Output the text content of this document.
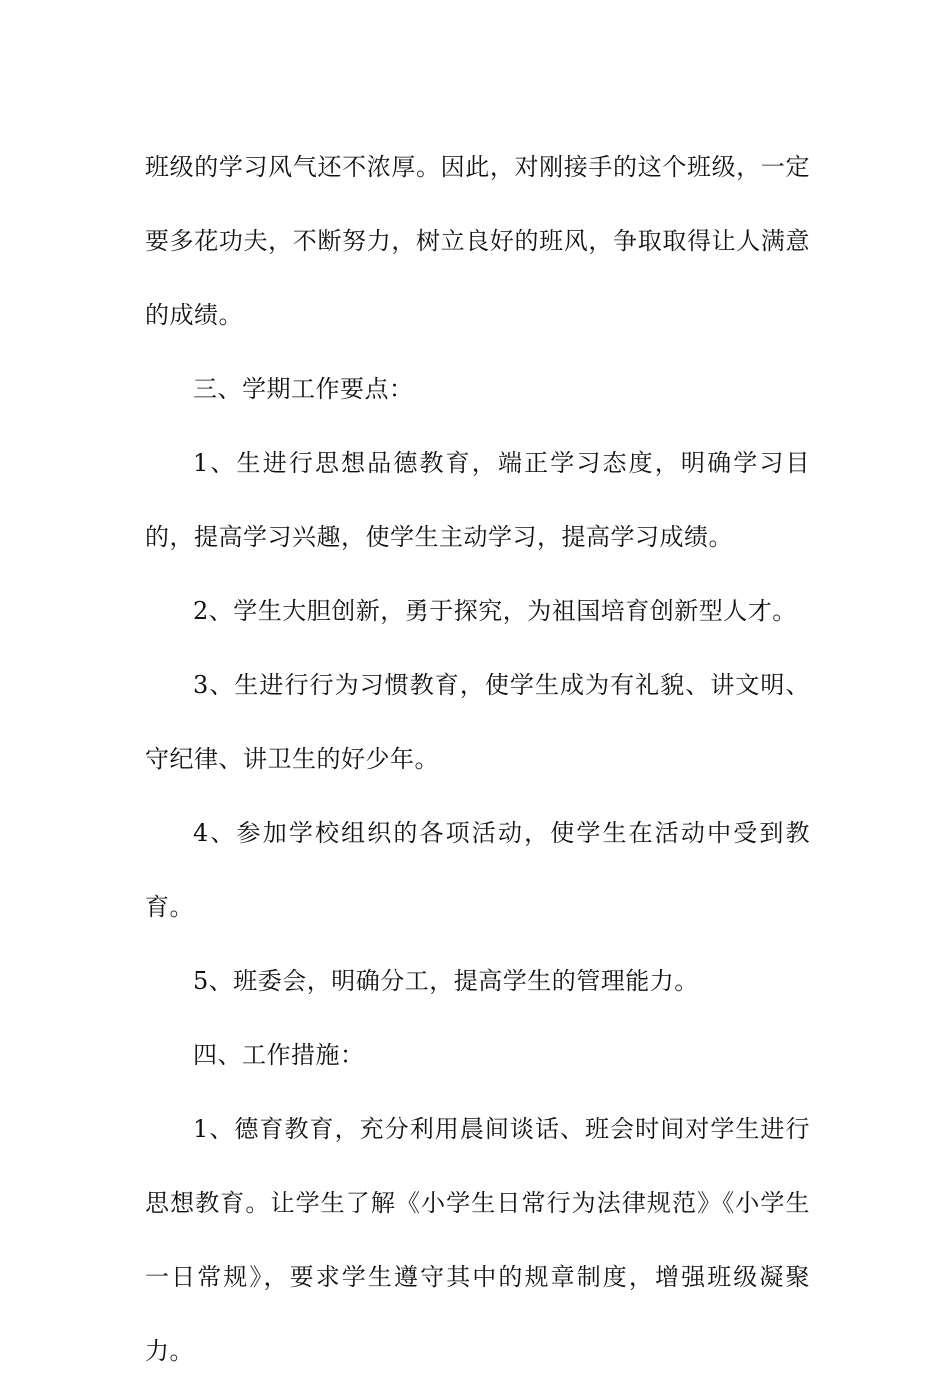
班级的学习风气还不浓厚。因此，对刚接手的这个班级，一定要多花功夫，不断努力，树立良好的班风，争取取得让人满意的成绩。

三、学期工作要点：

1、生进行思想品德教育，端正学习态度，明确学习目的，提高学习兴趣，使学生主动学习，提高学习成绩。

2、学生大胆创新，勇于探究，为祖国培育创新型人才。

3、生进行行为习惯教育，使学生成为有礼貌、讲文明、守纪律、讲卫生的好少年。

4、参加学校组织的各项活动，使学生在活动中受到教育。

5、班委会，明确分工，提高学生的管理能力。

四、工作措施：

1、德育教育，充分利用晨间谈话、班会时间对学生进行思想教育。让学生了解《小学生日常行为法律规范》《小学生一日常规》，要求学生遵守其中的规章制度，增强班级凝聚力。
